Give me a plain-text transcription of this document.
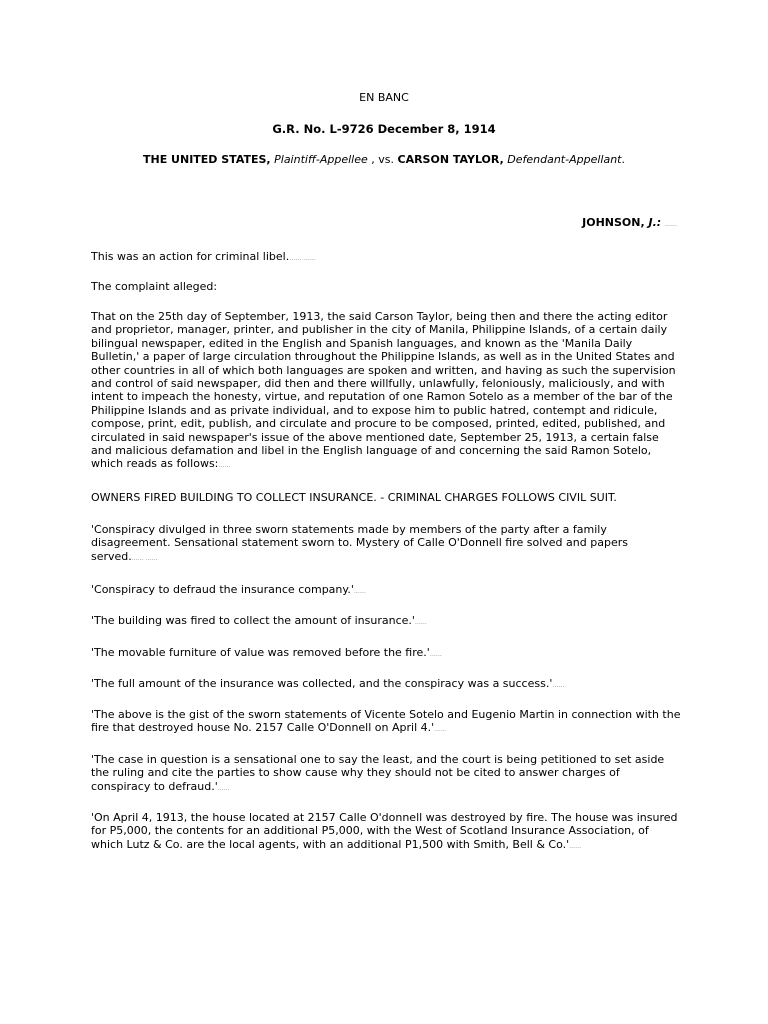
EN BANC
G.R. No. L-9726 December 8, 1914
THE UNITED STATES, Plaintiff-Appellee , vs. CARSON TAYLOR, Defendant-Appellant.
JOHNSON, J.: ……
This was an action for criminal libel.…… ……
The complaint alleged:
That on the 25th day of September, 1913, the said Carson Taylor, being then and there the acting editor and proprietor, manager, printer, and publisher in the city of Manila, Philippine Islands, of a certain daily bilingual newspaper, edited in the English and Spanish languages, and known as the 'Manila Daily Bulletin,' a paper of large circulation throughout the Philippine Islands, as well as in the United States and other countries in all of which both languages are spoken and written, and having as such the supervision and control of said newspaper, did then and there willfully, unlawfully, feloniously, maliciously, and with intent to impeach the honesty, virtue, and reputation of one Ramon Sotelo as a member of the bar of the Philippine Islands and as private individual, and to expose him to public hatred, contempt and ridicule, compose, print, edit, publish, and circulate and procure to be composed, printed, edited, published, and circulated in said newspaper's issue of the above mentioned date, September 25, 1913, a certain false and malicious defamation and libel in the English language of and concerning the said Ramon Sotelo, which reads as follows:……
OWNERS FIRED BUILDING TO COLLECT INSURANCE. - CRIMINAL CHARGES FOLLOWS CIVIL SUIT.
'Conspiracy divulged in three sworn statements made by members of the party after a family disagreement. Sensational statement sworn to. Mystery of Calle O'Donnell fire solved and papers served.…… ……
'Conspiracy to defraud the insurance company.'……
'The building was fired to collect the amount of insurance.'……
'The movable furniture of value was removed before the fire.'……
'The full amount of the insurance was collected, and the conspiracy was a success.'……
'The above is the gist of the sworn statements of Vicente Sotelo and Eugenio Martin in connection with the fire that destroyed house No. 2157 Calle O'Donnell on April 4.'……
'The case in question is a sensational one to say the least, and the court is being petitioned to set aside the ruling and cite the parties to show cause why they should not be cited to answer charges of conspiracy to defraud.'……
'On April 4, 1913, the house located at 2157 Calle O'donnell was destroyed by fire. The house was insured for P5,000, the contents for an additional P5,000, with the West of Scotland Insurance Association, of which Lutz & Co. are the local agents, with an additional P1,500 with Smith, Bell & Co.'……
